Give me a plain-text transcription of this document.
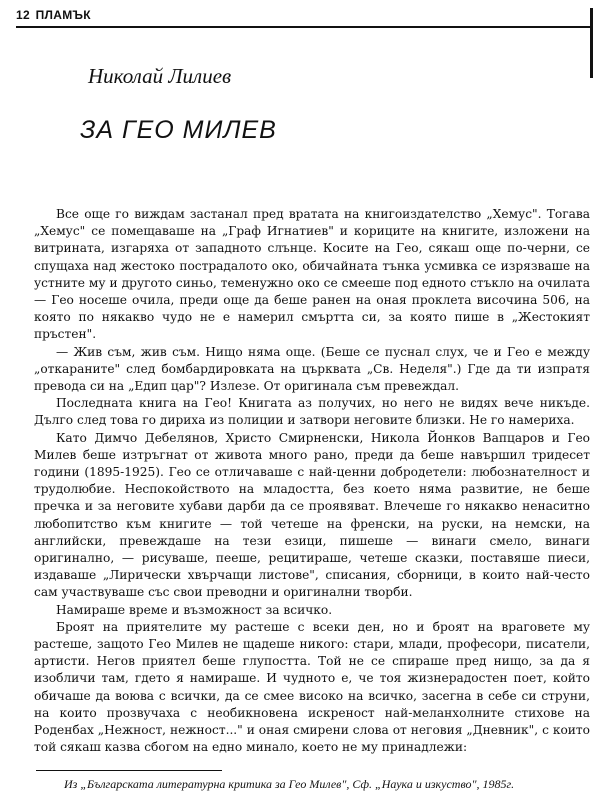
12 ПЛАМЪК
Николай Лилиев
ЗА ГЕО МИЛЕВ

Все още го виждам застанал пред вратата на книгоиздателство „Хемус". Тогава „Хемус" се помещаваше на „Граф Игнатиев" и кориците на книгите, изложени на витрината, изгаряха от западното слънце. Косите на Гео, сякаш още по-черни, се спущаха над жестоко пострадалото око, обичайната тънка усмивка се изрязваше на устните му и другото синьо, теменужно око се смееше под едното стъкло на очилата — Гео носеше очила, преди още да беше ранен на оная проклета височина 506, на която по някакво чудо не е намерил смъртта си, за която пише в „Жестокият пръстен".

— Жив съм, жив съм. Нищо няма още. (Беше се пуснал слух, че и Гео е между „откараните" след бомбардировката на църквата „Св. Неделя".) Где да ти изпратя превода си на „Едип цар"? Излезе. От оригинала съм превеждал.

Последната книга на Гео! Книгата аз получих, но него не видях вече никъде. Дълго след това го дириха из полиции и затвори неговите близки. Не го намериха.

Като Димчо Дебелянов, Христо Смирненски, Никола Йонков Вапцаров и Гео Милев беше изтръгнат от живота много рано, преди да беше навършил тридесет години (1895-1925). Гео се отличаваше с най-ценни добродетели: любознателност и трудолюбие. Неспокойството на младостта, без което няма развитие, не беше пречка и за неговите хубави дарби да се проявяват. Влечеше го някакво ненаситно любопитство към книгите — той четеше на френски, на руски, на немски, на английски, превеждаше на тези езици, пишеше — винаги смело, винаги оригинално, — рисуваше, пееше, рецитираше, четеше сказки, поставяше пиеси, издаваше „Лирически хвърчащи листове", списания, сборници, в които най-често сам участвуваше със свои преводни и оригинални творби.

Намираше време и възможност за всичко.

Броят на приятелите му растеше с всеки ден, но и броят на враговете му растеше, защото Гео Милев не щадеше никого: стари, млади, професори, писатели, артисти. Негов приятел беше глупостта. Той не се спираше пред нищо, за да я изобличи там, гдето я намираше. И чудното е, че тоя жизнерадостен поет, който обичаше да воюва с всички, да се смее високо на всичко, засегна в себе си струни, на които прозвучаха с необикновена искреност най-меланхолните стихове на Роденбах „Нежност, нежност..." и оная смирени слова от неговия „Дневник", с които той сякаш казва сбогом на едно минало, което не му принадлежи:

Из „Българската литературна критика за Гео Милев", Сф. „Наука и изкуство", 1985г.
